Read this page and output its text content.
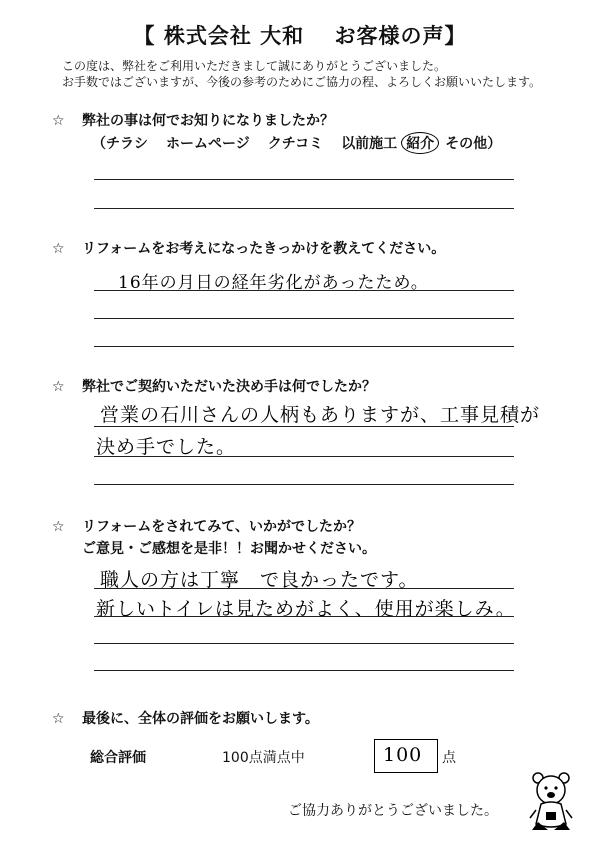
【 株式会社 大和　 お客様の声】
この度は、弊社をご利用いただきまして誠にありがとうございました。
お手数ではございますが、今後の参考のためにご協力の程、よろしくお願いいたします。
☆ 弊社の事は何でお知りになりましたか？
（チラシ ホームページ クチコミ 以前施工 紹介 その他）
☆ リフォームをお考えになったきっかけを教えてください。
16年の月日の経年劣化があったため。
☆ 弊社でご契約いただいた決め手は何でしたか？
営業の石川さんの人柄もありますが、工事見積が
決め手でした。
☆ リフォームをされてみて、いかがでしたか？
ご意見・ご感想を是非！！お聞かせください。
職人の方は丁寧　で良かったです。
新しいトイレは見ためがよく、使用が楽しみ。
☆ 最後に、全体の評価をお願いします。
総合評価	100点満点中	100 点
ご協力ありがとうございました。
